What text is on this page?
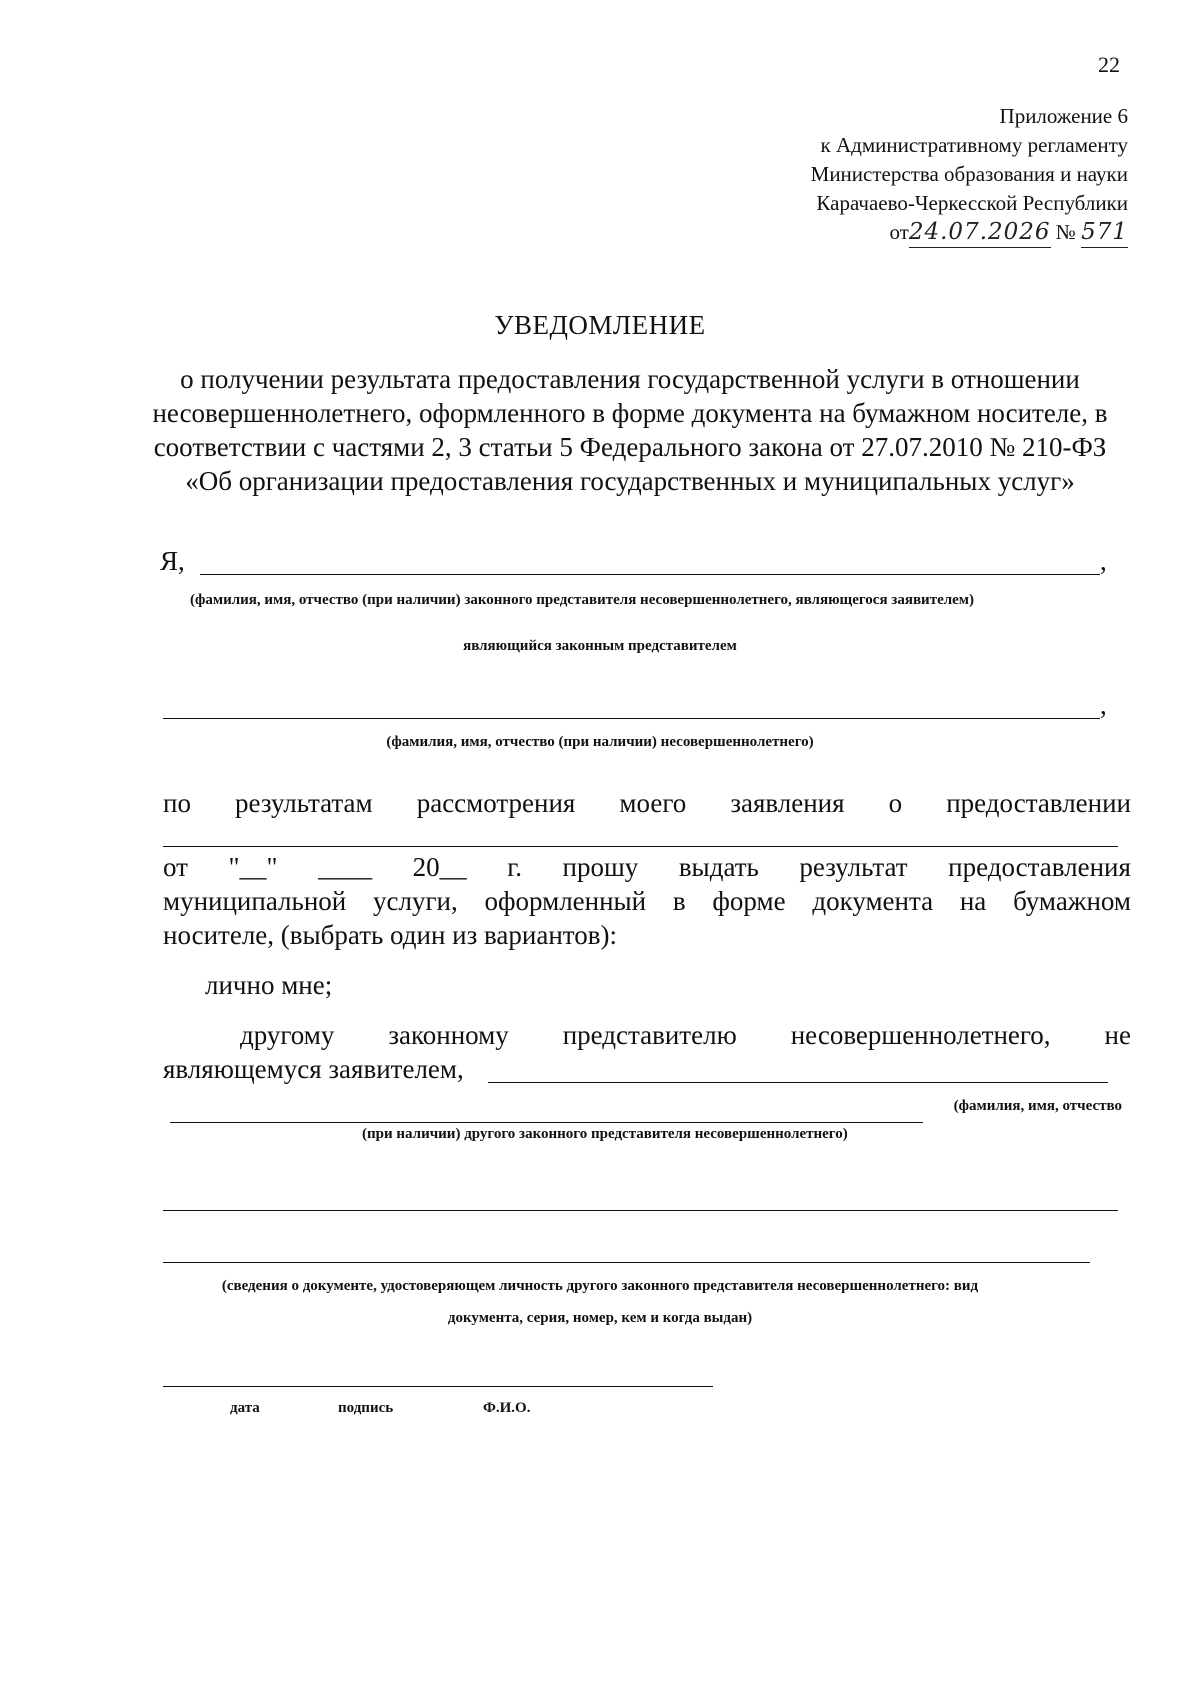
22
Приложение 6
к Административному регламенту
Министерства образования и науки
Карачаево-Черкесской Республики
от24.07.2026 № 571
УВЕДОМЛЕНИЕ
о получении результата предоставления государственной услуги в отношении несовершеннолетнего, оформленного в форме документа на бумажном носителе, в соответствии с частями 2, 3 статьи 5 Федерального закона от 27.07.2010 № 210-ФЗ «Об организации предоставления государственных и муниципальных услуг»
Я,	,
(фамилия, имя, отчество (при наличии) законного представителя несовершеннолетнего, являющегося заявителем)
являющийся законным представителем
,
(фамилия, имя, отчество (при наличии) несовершеннолетнего)
по результатам рассмотрения моего заявления о предоставлении
от "__" ____ 20__ г. прошу выдать результат предоставления
муниципальной услуги, оформленный в форме документа на бумажном
носителе, (выбрать один из вариантов):
лично мне;
другому законному представителю несовершеннолетнего, не
являющемуся заявителем,
(фамилия, имя, отчество
(при наличии) другого законного представителя несовершеннолетнего)
(сведения о документе, удостоверяющем личность другого законного представителя несовершеннолетнего: вид
документа, серия, номер, кем и когда выдан)
дата	подпись	Ф.И.О.
